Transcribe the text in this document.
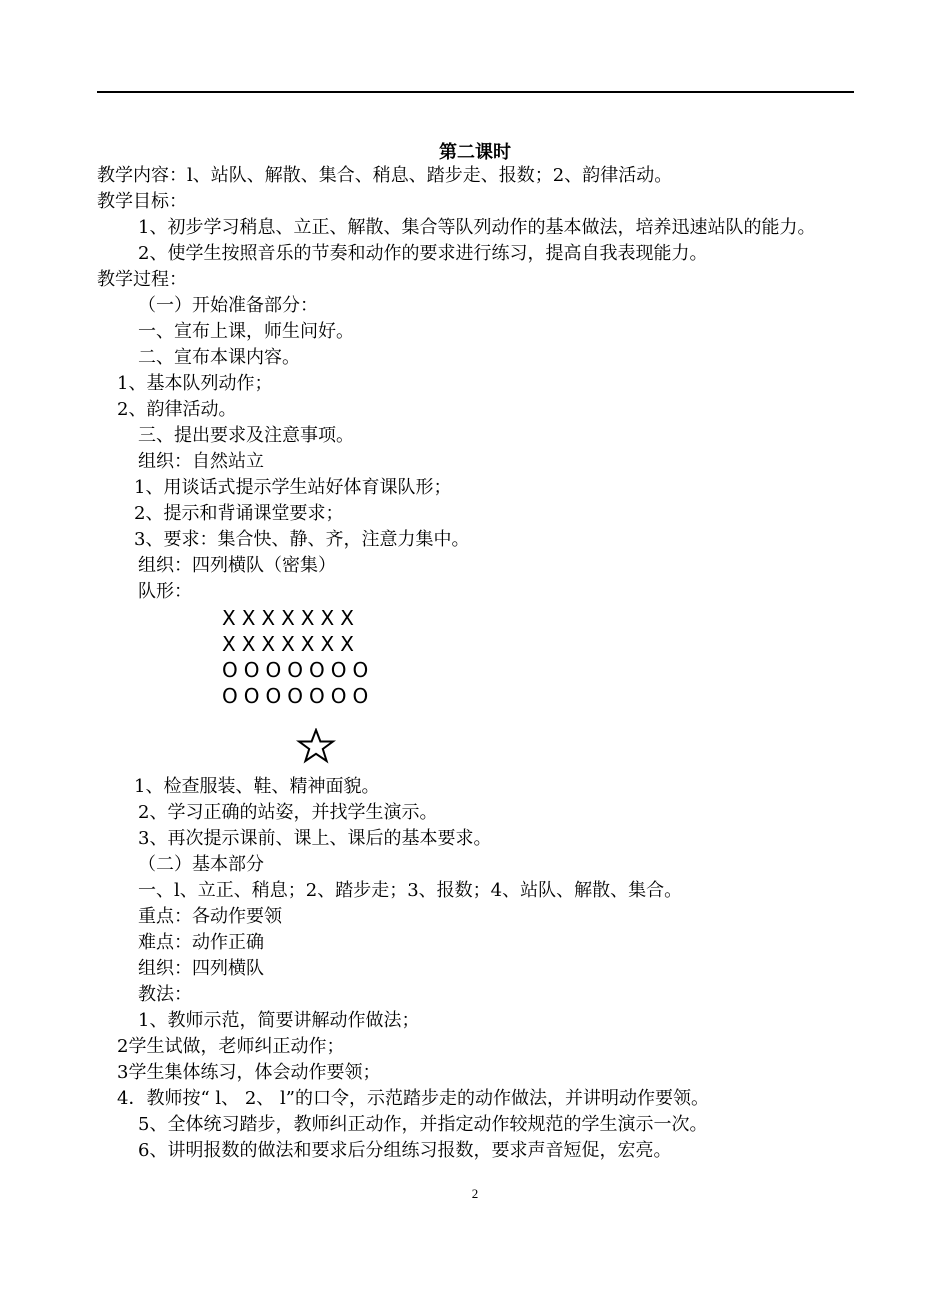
第二课时
教学内容：l、站队、解散、集合、稍息、踏步走、报数；2、韵律活动。
教学目标：
1、初步学习稍息、立正、解散、集合等队列动作的基本做法，培养迅速站队的能力。
2、使学生按照音乐的节奏和动作的要求进行练习，提高自我表现能力。
教学过程：
（一）开始准备部分：
一、宣布上课，师生问好。
二、宣布本课内容。
1、基本队列动作；
2、韵律活动。
三、提出要求及注意事项。
组织：自然站立
1、用谈话式提示学生站好体育课队形；
2、提示和背诵课堂要求；
3、要求：集合快、静、齐，注意力集中。
组织：四列横队（密集）
队形：
XXXXXXX
XXXXXXX
OOOOOOO
OOOOOOO
1、检查服装、鞋、精神面貌。
2、学习正确的站姿，并找学生演示。
3、再次提示课前、课上、课后的基本要求。
（二）基本部分
一、l、立正、稍息；2、踏步走；3、报数；4、站队、解散、集合。
重点：各动作要领
难点：动作正确
组织：四列横队
教法：
1、教师示范，简要讲解动作做法；
2学生试做，老师纠正动作；
3学生集体练习，体会动作要领；
4．教师按“ l、 2、 l”的口令，示范踏步走的动作做法，并讲明动作要领。
5、全体统习踏步，教师纠正动作，并指定动作较规范的学生演示一次。
6、讲明报数的做法和要求后分组练习报数，要求声音短促，宏亮。
2
